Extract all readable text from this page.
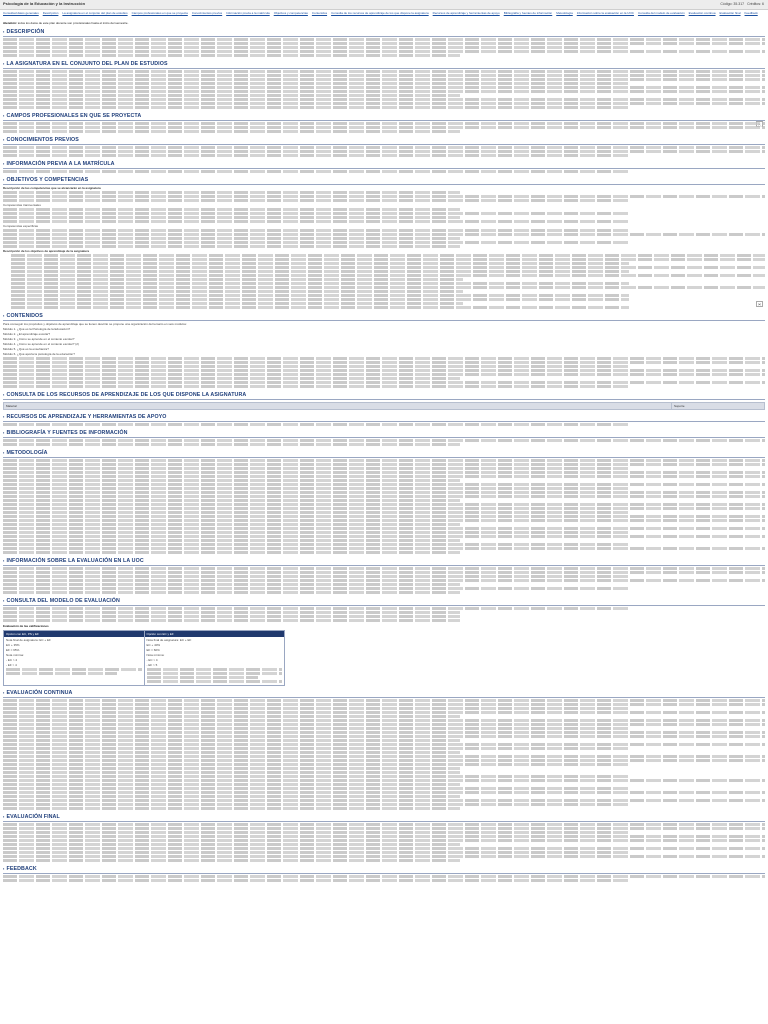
Psicología de la Educación y la Instrucción	Código: 35.317 Créditos: 6
Consultad datos generales Descripción La asignatura en el conjunto del plan de estudios Campos profesionales en que se proyecta Conocimientos previos Información previa a la matrícula Objetivos y competencias Contenidos Consulta de los recursos de aprendizaje de los que dispone la asignatura Recursos de aprendizaje y herramientas de apoyo Bibliografía y fuentes de información Metodología Información sobre la evaluación en la UOC Consulta del modelo de evaluación Evaluación continua Evaluación final Feedback
Atención: todos los datos de este plan docente son provisionales hasta el inicio del semestre.
▪ DESCRIPCIÓN
▪ LA ASIGNATURA EN EL CONJUNTO DEL PLAN DE ESTUDIOS
▪ CAMPOS PROFESIONALES EN QUE SE PROYECTA
▪ CONOCIMIENTOS PREVIOS
▪ INFORMACIÓN PREVIA A LA MATRÍCULA
▪ OBJETIVOS Y COMPETENCIAS
Descripción de las competencias que se alcanzarán en la asignatura
Competencias transversales
Competencias específicas
Descripción de los objetivos de aprendizaje de la asignatura
[▴]
▪ CONTENIDOS
Para conseguir los propósitos y objetivos de aprendizaje que se tienen descrito se propone una organización del temario en seis módulos:
Módulo 1. ¿Qué es la Psicología de la Educación?
Módulo 2. ¿El aprendizaje escolar?
Módulo 3. ¿Cómo se aprende en el contexto escolar?
Módulo 4. ¿Cómo se aprende en el contexto escolar? (2)
Módulo 5. ¿Qué es la enseñanza?
Módulo 6. ¿Qué aporta la psicología de la educación?
▪ CONSULTA DE LOS RECURSOS DE APRENDIZAJE DE LOS QUE DISPONE LA ASIGNATURA
Material	Soporte
▪ RECURSOS DE APRENDIZAJE Y HERRAMIENTAS DE APOYO
▪ BIBLIOGRAFÍA Y FUENTES DE INFORMACIÓN
▪ METODOLOGÍA
▪ INFORMACIÓN SOBRE LA EVALUACIÓN EN LA UOC
▪ CONSULTA DEL MODELO DE EVALUACIÓN
Evaluación de las calificaciones
Opción con EC, PS y EF
Nota final de asignatura: EC + EF
EC + 35%
EF = 65%
Nota mínima:
- EC > 4
- EF > 4
Opción con EC y EF
Nota final de asignatura: EC + EF
EC + 40%
EF = 60%
Nota mínima:
- EC > 4
- EF > 5
▪ EVALUACIÓN CONTINUA
▪ EVALUACIÓN FINAL
▪ FEEDBACK
